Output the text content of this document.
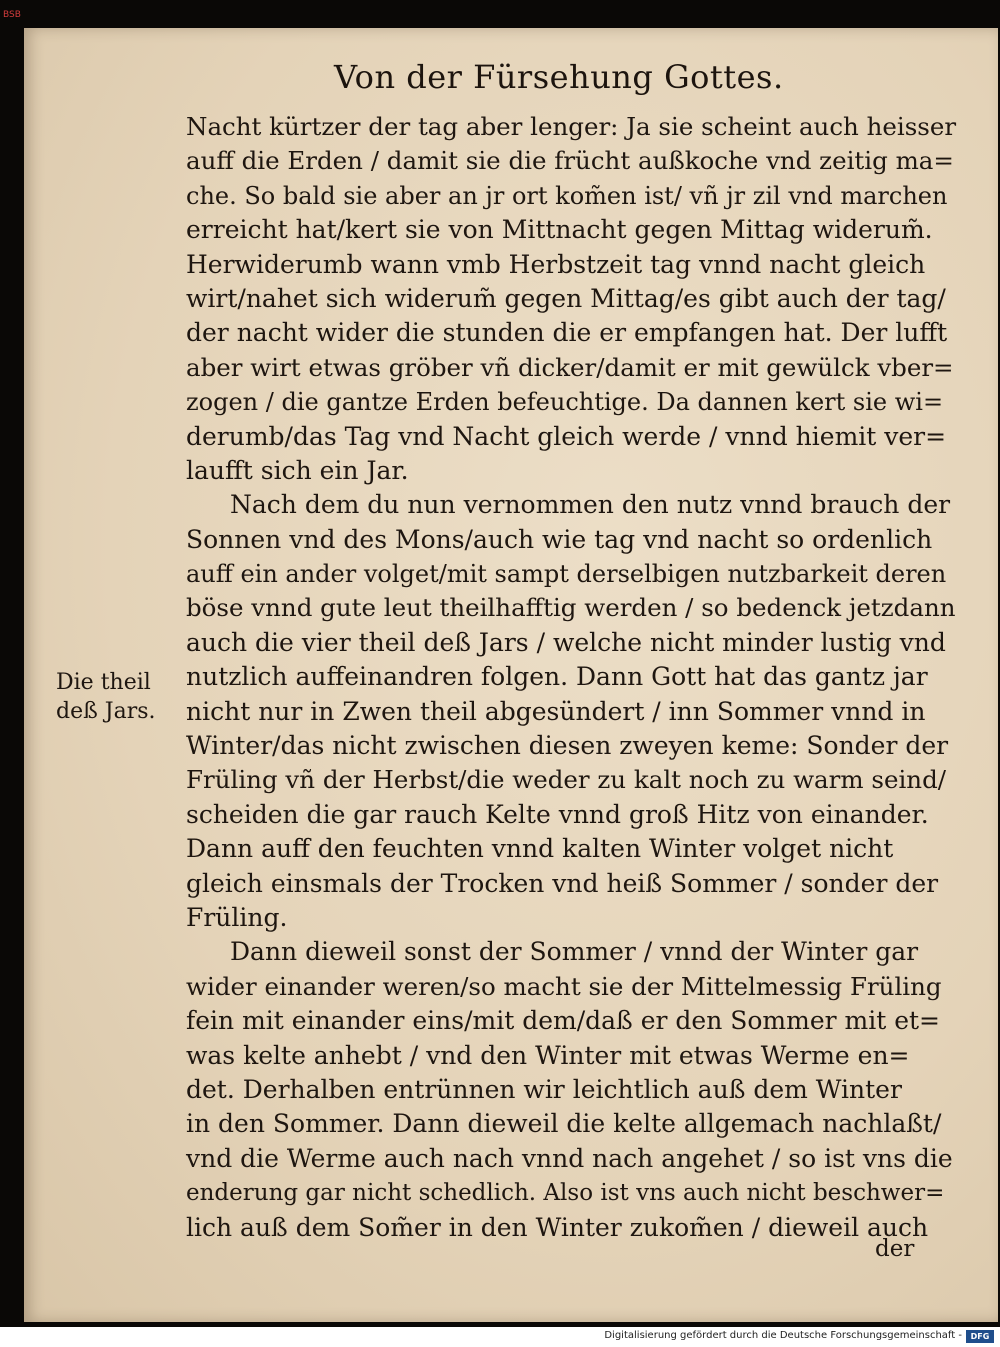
BSB
Von der Fürsehung Gottes.
Nacht kürtzer der tag aber lenger: Ja sie scheint auch heisser
auff die Erden / damit sie die frücht außkoche vnd zeitig ma=
che. So bald sie aber an jr ort kom̃en ist/ vñ jr zil vnd marchen
erreicht hat/kert sie von Mittnacht gegen Mittag widerum̃.
Herwiderumb wann vmb Herbstzeit tag vnnd nacht gleich
wirt/nahet sich widerum̃ gegen Mittag/es gibt auch der tag/
der nacht wider die stunden die er empfangen hat. Der lufft
aber wirt etwas gröber vñ dicker/damit er mit gewülck vber=
zogen / die gantze Erden befeuchtige. Da dannen kert sie wi=
derumb/das Tag vnd Nacht gleich werde / vnnd hiemit ver=
laufft sich ein Jar.
Nach dem du nun vernommen den nutz vnnd brauch der
Sonnen vnd des Mons/auch wie tag vnd nacht so ordenlich
auff ein ander volget/mit sampt derselbigen nutzbarkeit deren
böse vnnd gute leut theilhafftig werden / so bedenck jetzdann
auch die vier theil deß Jars / welche nicht minder lustig vnd
nutzlich auffeinandren folgen. Dann Gott hat das gantz jar
nicht nur in Zwen theil abgesündert / inn Sommer vnnd in
Winter/das nicht zwischen diesen zweyen keme: Sonder der
Früling vñ der Herbst/die weder zu kalt noch zu warm seind/
scheiden die gar rauch Kelte vnnd groß Hitz von einander.
Dann auff den feuchten vnnd kalten Winter volget nicht
gleich einsmals der Trocken vnd heiß Sommer / sonder der
Früling.
Dann dieweil sonst der Sommer / vnnd der Winter gar
wider einander weren/so macht sie der Mittelmessig Früling
fein mit einander eins/mit dem/daß er den Sommer mit et=
was kelte anhebt / vnd den Winter mit etwas Werme en=
det. Derhalben entrünnen wir leichtlich auß dem Winter
in den Sommer. Dann dieweil die kelte allgemach nachlaßt/
vnd die Werme auch nach vnnd nach angehet / so ist vns die
enderung gar nicht schedlich. Also ist vns auch nicht beschwer=
lich auß dem Som̃er in den Winter zukom̃en / dieweil auch
Die theil
deß Jars.
der
Digitalisierung gefördert durch die Deutsche Forschungsgemeinschaft -	DFG
